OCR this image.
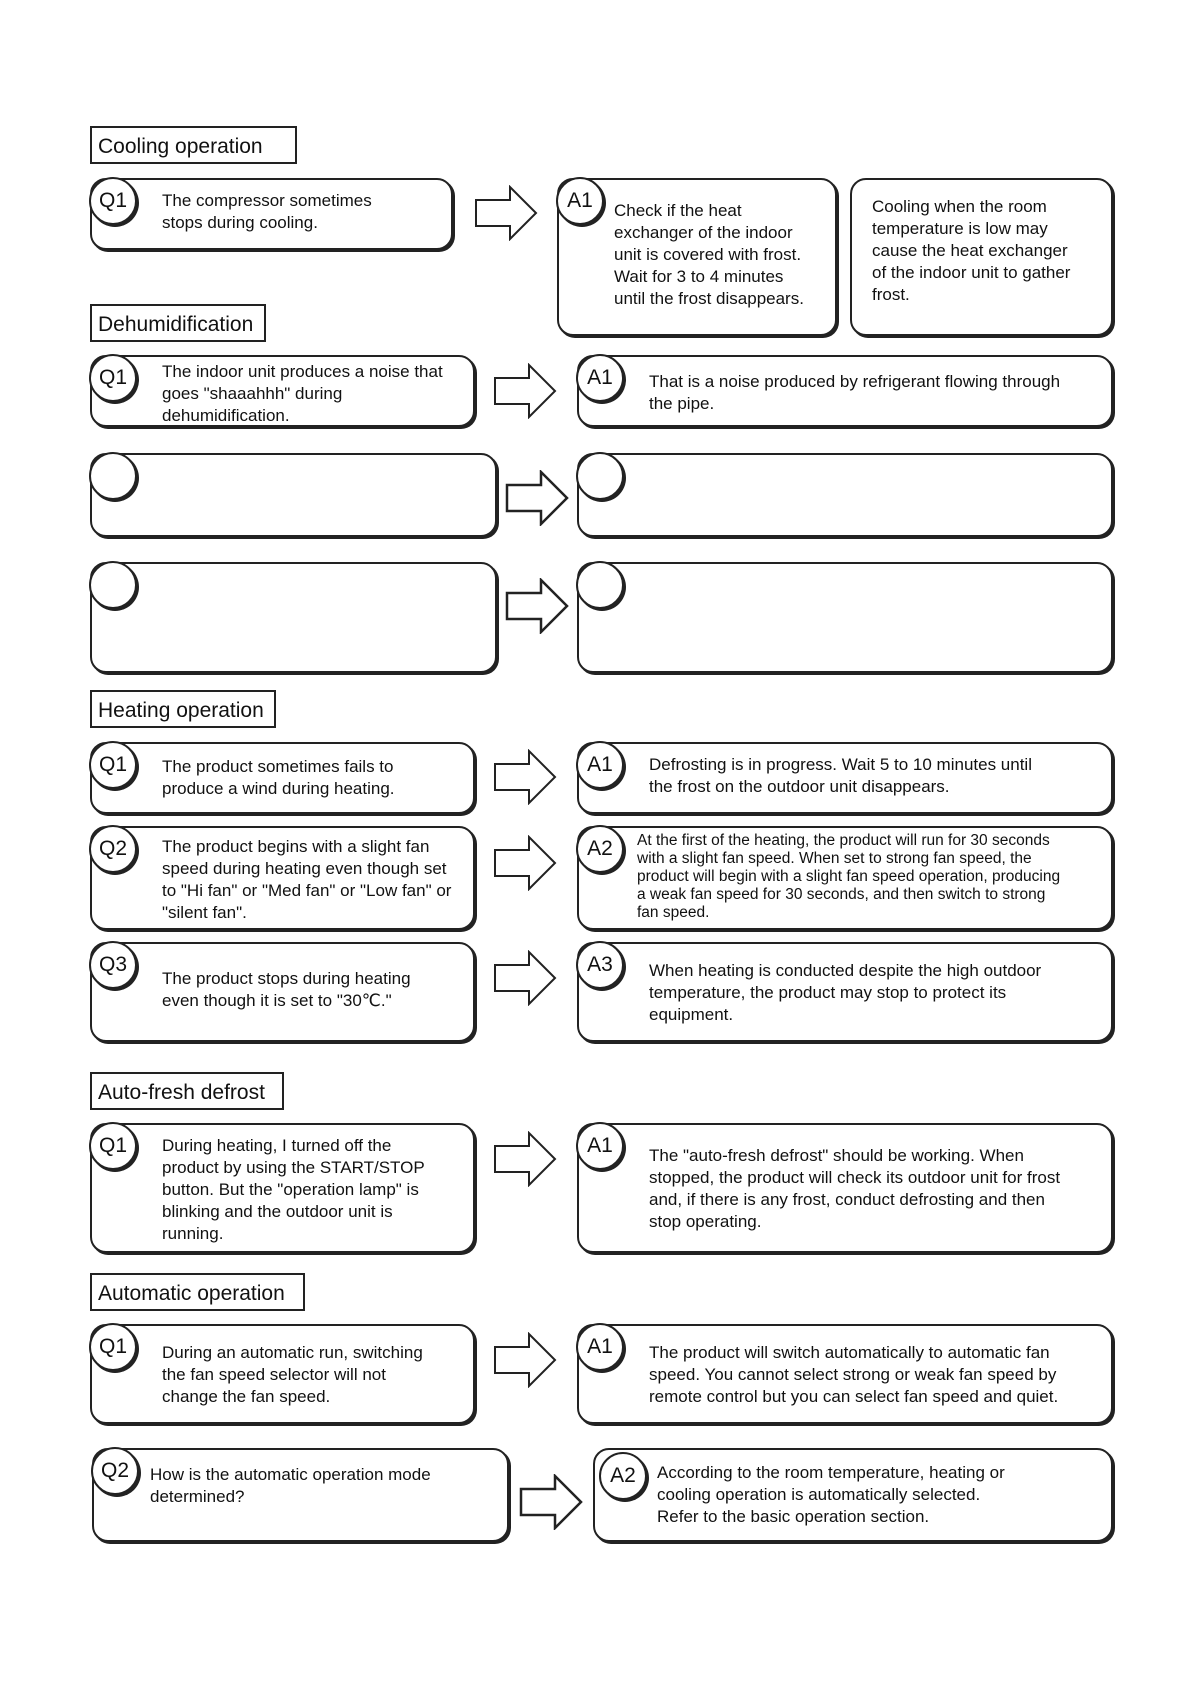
Cooling operation
Q1	The compressor sometimes
stops during cooling.
A1	Check if the heat
exchanger of the indoor
unit is covered with frost.
Wait for 3 to 4 minutes
until the frost disappears.
Cooling when the room
temperature is low may
cause the heat exchanger
of the indoor unit to gather
frost.
Dehumidification
Q1	The indoor unit produces a noise that
goes "shaaahhh" during
dehumidification.
A1	That is a noise produced by refrigerant flowing through
the pipe.
Heating operation
Q1	The product sometimes fails to
produce a wind during heating.
A1	Defrosting is in progress. Wait 5 to 10 minutes until
the frost on the outdoor unit disappears.
Q2	The product begins with a slight fan
speed during heating even though set
to "Hi fan" or "Med fan" or "Low fan" or
"silent fan".
A2	At the first of the heating, the product will run for 30 seconds
with a slight fan speed. When set to strong fan speed, the
product will begin with a slight fan speed operation, producing
a weak fan speed for 30 seconds, and then switch to strong
fan speed.
Q3
The product stops during heating
even though it is set to "30℃."
A3	When heating is conducted despite the high outdoor
temperature, the product may stop to protect its
equipment.
Auto-fresh defrost
Q1	During heating, I turned off the
product by using the START/STOP
button. But the "operation lamp" is
blinking and the outdoor unit is
running.
A1	The "auto-fresh defrost" should be working. When
stopped, the product will check its outdoor unit for frost
and, if there is any frost, conduct defrosting and then
stop operating.
Automatic operation
Q1	During an automatic run, switching
the fan speed selector will not
change the fan speed.
A1	The product will switch automatically to automatic fan
speed. You cannot select strong or weak fan speed by
remote control but you can select fan speed and quiet.
Q2	How is the automatic operation mode
determined?
A2	According to the room temperature, heating or
cooling operation is automatically selected.
Refer to the basic operation section.
